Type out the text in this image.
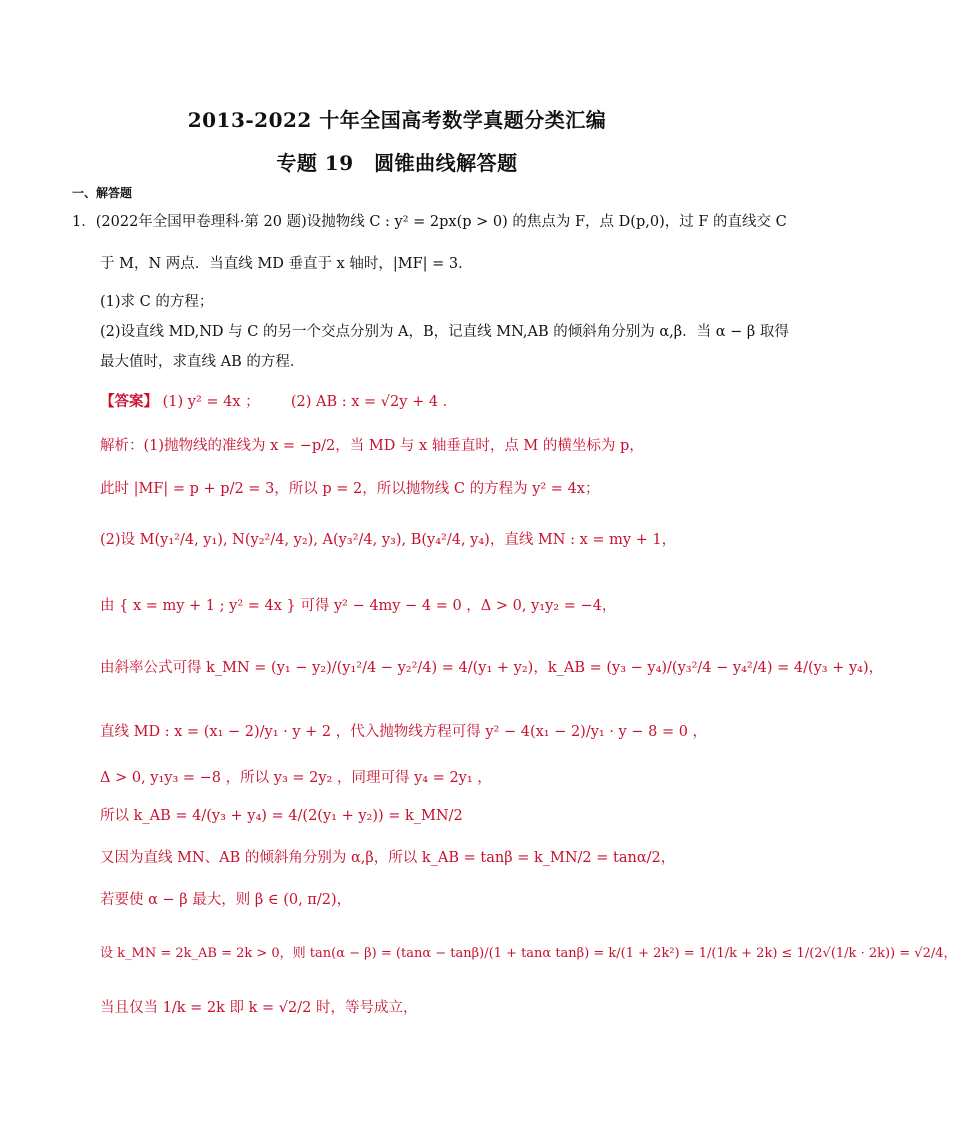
2013-2022 十年全国高考数学真题分类汇编
专题 19　圆锥曲线解答题
一、解答题
1．(2022年全国甲卷理科·第 20 题)设抛物线 C : y² = 2px(p > 0) 的焦点为 F，点 D(p,0)，过 F 的直线交 C
于 M，N 两点．当直线 MD 垂直于 x 轴时，|MF| = 3．
(1)求 C 的方程；
(2)设直线 MD,ND 与 C 的另一个交点分别为 A，B，记直线 MN,AB 的倾斜角分别为 α,β．当 α − β 取得
最大值时，求直线 AB 的方程．
【答案】 (1) y² = 4x ； (2) AB : x = √2y + 4 ．
解析：(1)抛物线的准线为 x = −p/2，当 MD 与 x 轴垂直时，点 M 的横坐标为 p，
此时 |MF| = p + p/2 = 3，所以 p = 2，所以抛物线 C 的方程为 y² = 4x；
(2)设 M(y₁²/4, y₁), N(y₂²/4, y₂), A(y₃²/4, y₃), B(y₄²/4, y₄)，直线 MN : x = my + 1，
由 { x = my + 1 ; y² = 4x } 可得 y² − 4my − 4 = 0 ，Δ > 0, y₁y₂ = −4，
由斜率公式可得 k_MN = (y₁ − y₂)/(y₁²/4 − y₂²/4) = 4/(y₁ + y₂)，k_AB = (y₃ − y₄)/(y₃²/4 − y₄²/4) = 4/(y₃ + y₄)，
直线 MD : x = (x₁ − 2)/y₁ · y + 2 ，代入抛物线方程可得 y² − 4(x₁ − 2)/y₁ · y − 8 = 0 ，
Δ > 0, y₁y₃ = −8 ，所以 y₃ = 2y₂ ，同理可得 y₄ = 2y₁ ，
所以 k_AB = 4/(y₃ + y₄) = 4/(2(y₁ + y₂)) = k_MN/2
又因为直线 MN、AB 的倾斜角分别为 α,β，所以 k_AB = tanβ = k_MN/2 = tanα/2，
若要使 α − β 最大，则 β ∈ (0, π/2)，
设 k_MN = 2k_AB = 2k > 0，则 tan(α − β) = (tanα − tanβ)/(1 + tanα tanβ) = k/(1 + 2k²) = 1/(1/k + 2k) ≤ 1/(2√(1/k · 2k)) = √2/4，
当且仅当 1/k = 2k 即 k = √2/2 时，等号成立，
